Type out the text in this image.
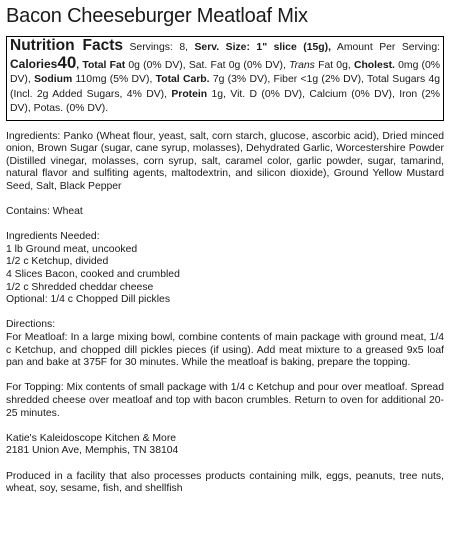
Bacon Cheeseburger Meatloaf Mix
Nutrition Facts Servings: 8, Serv. Size: 1" slice (15g), Amount Per Serving: Calories40, Total Fat 0g (0% DV), Sat. Fat 0g (0% DV), Trans Fat 0g, Cholest. 0mg (0% DV), Sodium 110mg (5% DV), Total Carb. 7g (3% DV), Fiber <1g (2% DV), Total Sugars 4g (Incl. 2g Added Sugars, 4% DV), Protein 1g, Vit. D (0% DV), Calcium (0% DV), Iron (2% DV), Potas. (0% DV).

Ingredients: Panko (Wheat flour, yeast, salt, corn starch, glucose, ascorbic acid), Dried minced onion, Brown Sugar (sugar, cane syrup, molasses), Dehydrated Garlic, Worcestershire Powder (Distilled vinegar, molasses, corn syrup, salt, caramel color, garlic powder, sugar, tamarind, natural flavor and sulfiting agents, maltodextrin, and silicon dioxide), Ground Yellow Mustard Seed, Salt, Black Pepper

Contains: Wheat

Ingredients Needed:
1 lb Ground meat, uncooked
1/2 c Ketchup, divided
4 Slices Bacon, cooked and crumbled
1/2 c Shredded cheddar cheese
Optional: 1/4 c Chopped Dill pickles

Directions:
For Meatloaf: In a large mixing bowl, combine contents of main package with ground meat, 1/4 c Ketchup, and chopped dill pickles pieces (if using). Add meat mixture to a greased 9x5 loaf pan and bake at 375F for 30 minutes. While the meatloaf is baking, prepare the topping.

For Topping: Mix contents of small package with 1/4 c Ketchup and pour over meatloaf. Spread shredded cheese over meatloaf and top with bacon crumbles. Return to oven for additional 20-25 minutes.

Katie's Kaleidoscope Kitchen & More
2181 Union Ave, Memphis, TN 38104

Produced in a facility that also processes products containing milk, eggs, peanuts, tree nuts, wheat, soy, sesame, fish, and shellfish
